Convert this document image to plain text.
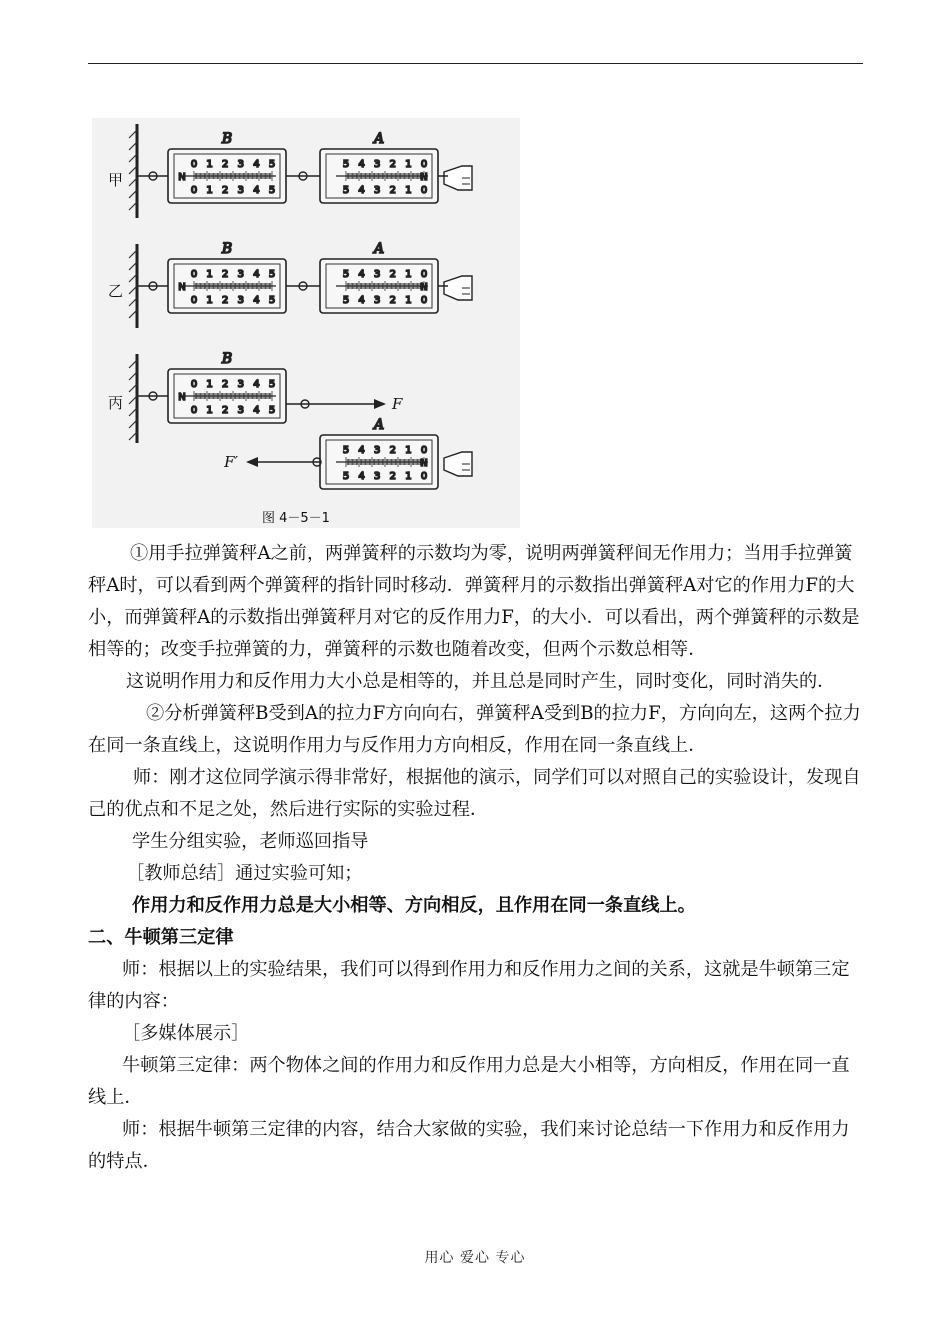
0
0
1
1
2
2
3
3
4
4
5
5
N
B
0
0
1
1
2
2
3
3
4
4
5
5
N
A
0
0
1
1
2
2
3
3
4
4
5
5
N
B
0
0
1
1
2
2
3
3
4
4
5
5
N
A
0
0
1
1
2
2
3
3
4
4
5
5
N
B
0
0
1
1
2
2
3
3
4
4
5
5
N
A
甲
乙
丙	F
F′
图 4－5－1

①用手拉弹簧秤A之前，两弹簧秤的示数均为零，说明两弹簧秤间无作用力；当用手拉弹簧秤A时，可以看到两个弹簧秤的指针同时移动．弹簧秤月的示数指出弹簧秤A对它的作用力F的大小，而弹簧秤A的示数指出弹簧秤月对它的反作用力F，的大小．可以看出，两个弹簧秤的示数是相等的；改变手拉弹簧的力，弹簧秤的示数也随着改变，但两个示数总相等．

这说明作用力和反作用力大小总是相等的，并且总是同时产生，同时变化，同时消失的．

②分析弹簧秤B受到A的拉力F方向向右，弹簧秤A受到B的拉力F，方向向左，这两个拉力在同一条直线上，这说明作用力与反作用力方向相反，作用在同一条直线上．

师：刚才这位同学演示得非常好，根据他的演示，同学们可以对照自己的实验设计，发现自己的优点和不足之处，然后进行实际的实验过程．

学生分组实验，老师巡回指导

［教师总结］通过实验可知；

作用力和反作用力总是大小相等、方向相反，且作用在同一条直线上。

二、牛顿第三定律

师：根据以上的实验结果，我们可以得到作用力和反作用力之间的关系，这就是牛顿第三定律的内容：

［多媒体展示］

牛顿第三定律：两个物体之间的作用力和反作用力总是大小相等，方向相反，作用在同一直线上．

师：根据牛顿第三定律的内容，结合大家做的实验，我们来讨论总结一下作用力和反作用力的特点．

用心 爱心 专心
